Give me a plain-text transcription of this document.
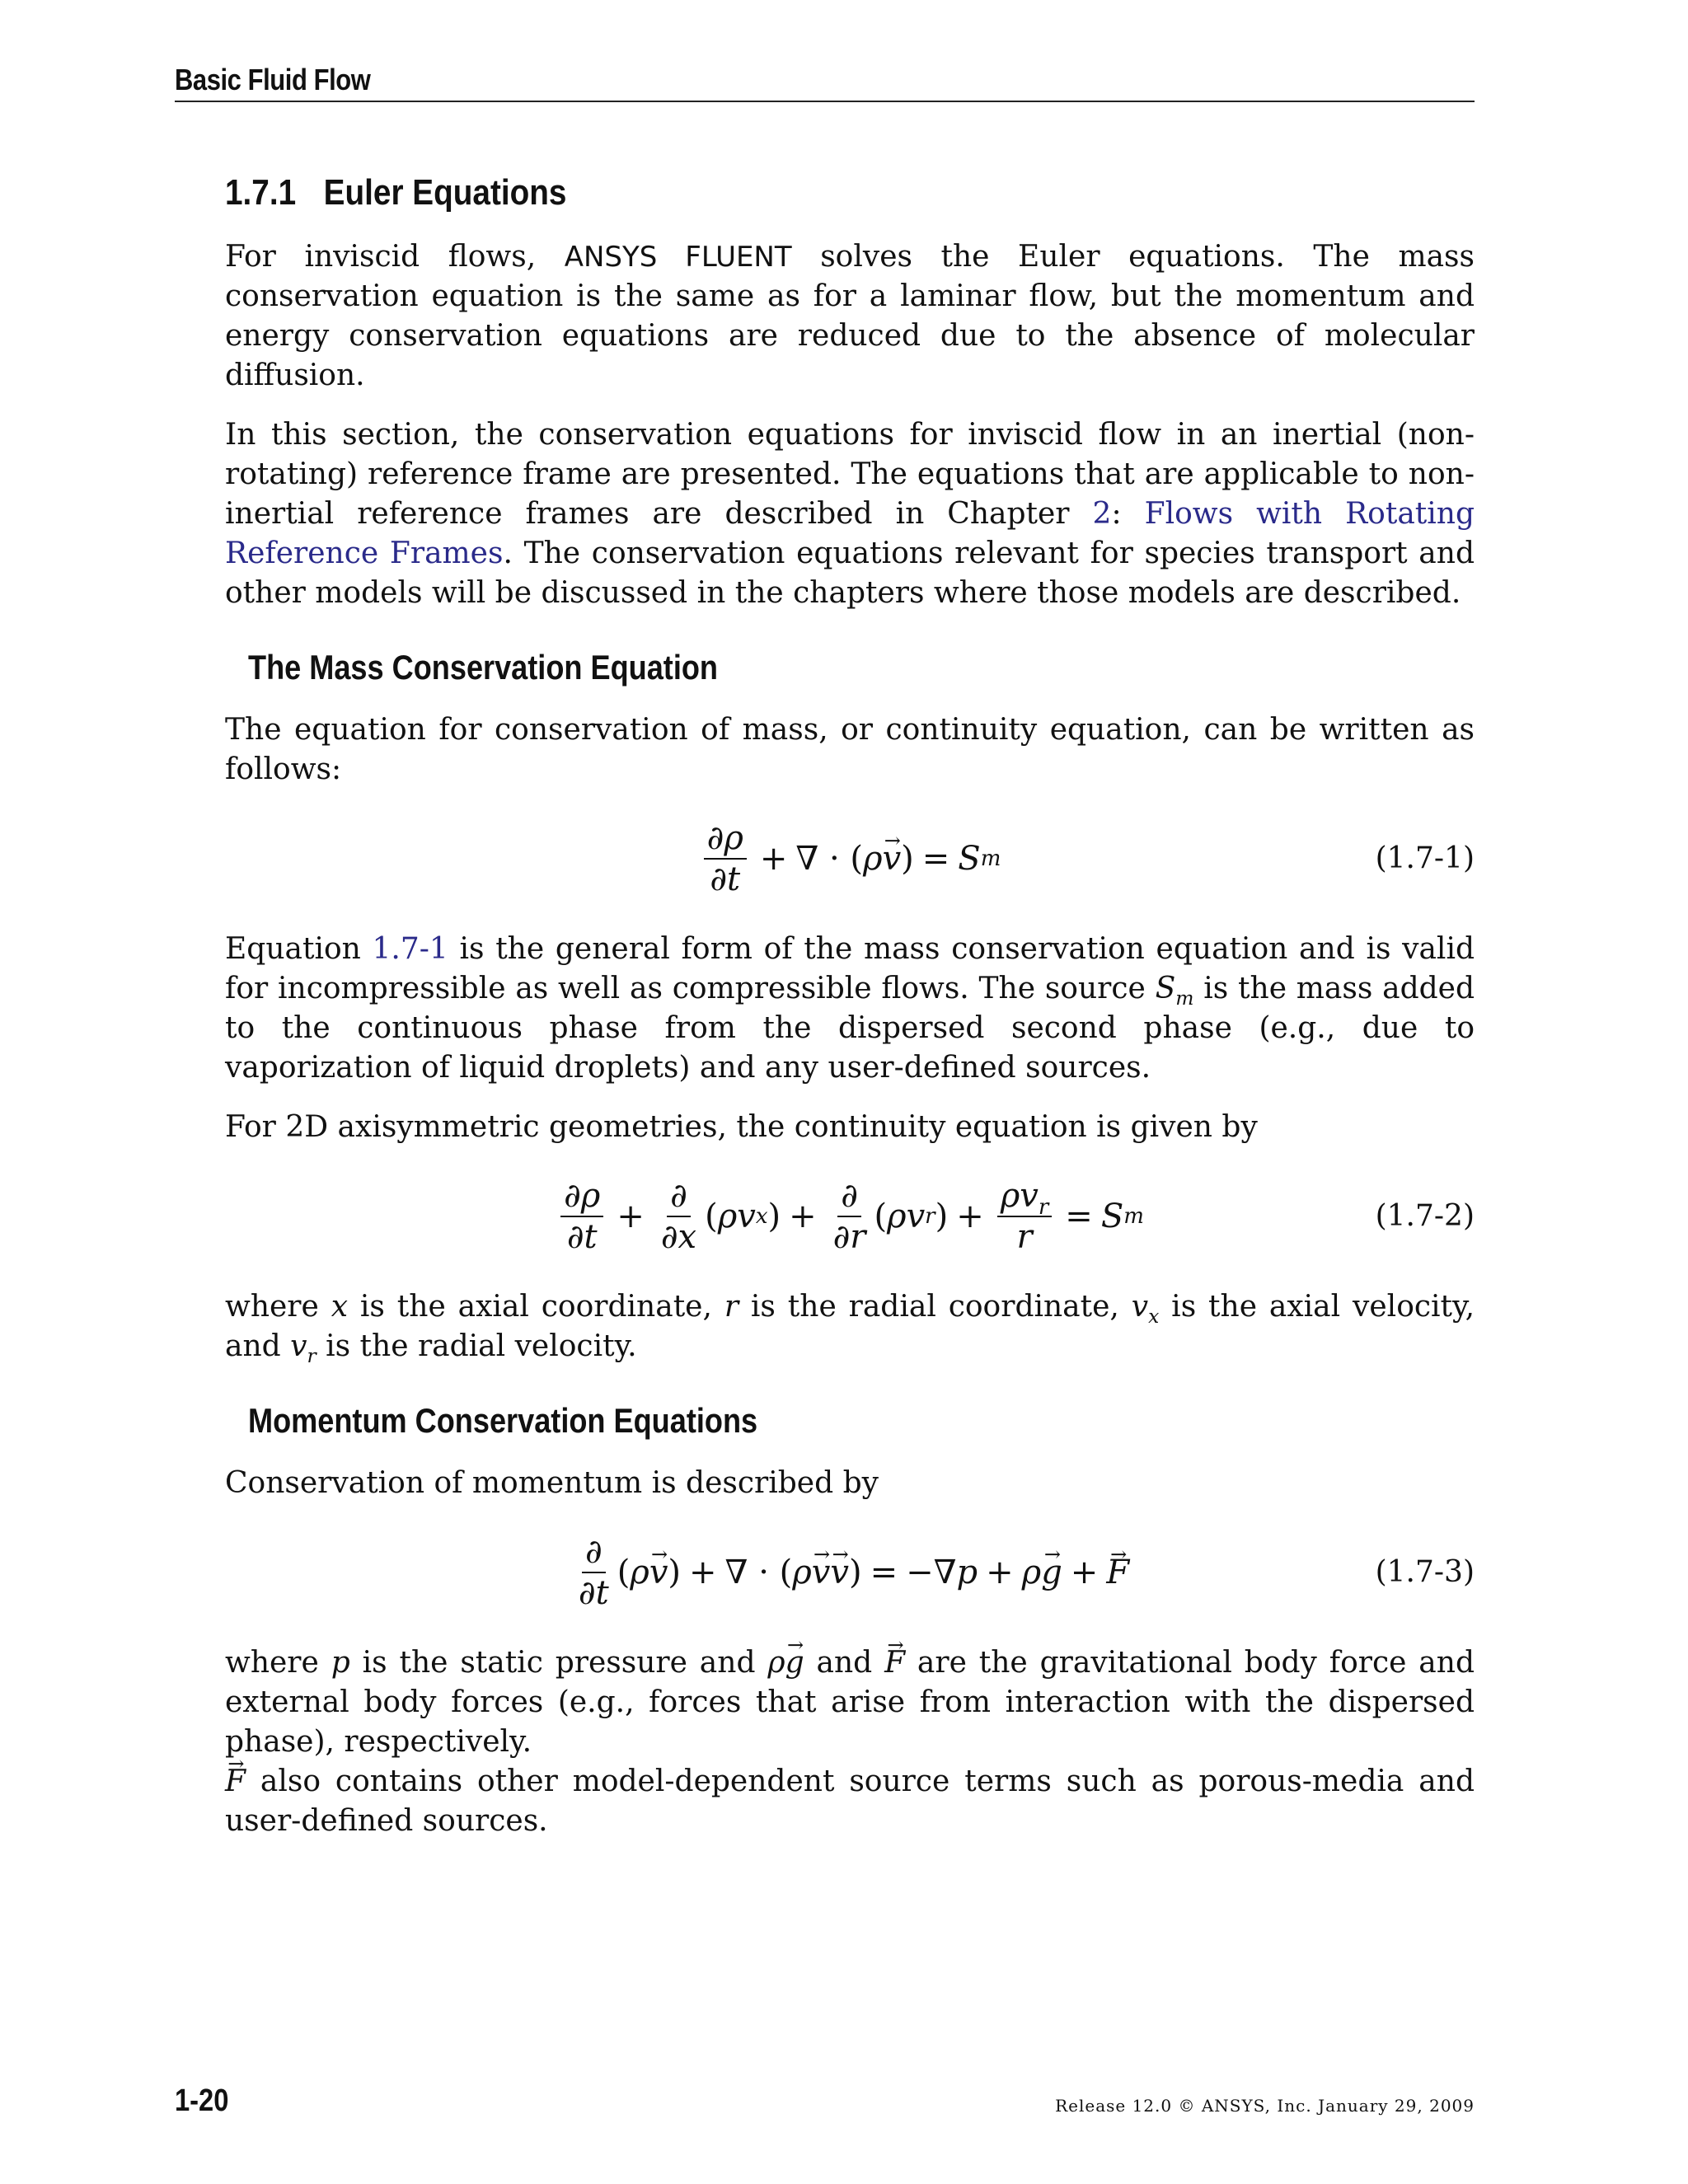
Basic Fluid Flow
1.7.1 Euler Equations

For inviscid flows, ANSYS FLUENT solves the Euler equations. The mass conservation equation is the same as for a laminar flow, but the momentum and energy conservation equations are reduced due to the absence of molecular diffusion.

In this section, the conservation equations for inviscid flow in an inertial (non-rotating) reference frame are presented. The equations that are applicable to non-inertial reference frames are described in Chapter 2: Flows with Rotating Reference Frames. The conservation equations relevant for species transport and other models will be discussed in the chapters where those models are described.

The Mass Conservation Equation

The equation for conservation of mass, or continuity equation, can be written as follows:

$\frac{\partial\rho}{\partial t}$ + ∇ · ( ρ → v ) = S m	(1.7-1)

Equation 1.7-1 is the general form of the mass conservation equation and is valid for incompressible as well as compressible flows. The source $S_m$ is the mass added to the continuous phase from the dispersed second phase (e.g., due to vaporization of liquid droplets) and any user-defined sources.

For 2D axisymmetric geometries, the continuity equation is given by

$\frac{\partial\rho}{\partial t} + \frac{\partial}{\partial x}$ ( ρv x ) + $\frac{\partial}{\partial r}$ ( ρv r ) + $\frac{\rho v_r}{r} = S$ m	(1.7-2)

where x is the axial coordinate, r is the radial coordinate, $v_x$ is the axial velocity, and $v_r$ is the radial velocity.

Momentum Conservation Equations

Conservation of momentum is described by

$\frac{\partial}{\partial t}$ ( ρ → v ) + ∇ · ( ρ → v → v ) = −∇ p + ρ → g + → F	(1.7-3)

where p is the static pressure and ρ→ g and → F are the gravitational body force and external body forces (e.g., forces that arise from interaction with the dispersed phase), respectively.
→ F also contains other model-dependent source terms such as porous-media and user-defined sources.

1-20	Release 12.0 © ANSYS, Inc. January 29, 2009
